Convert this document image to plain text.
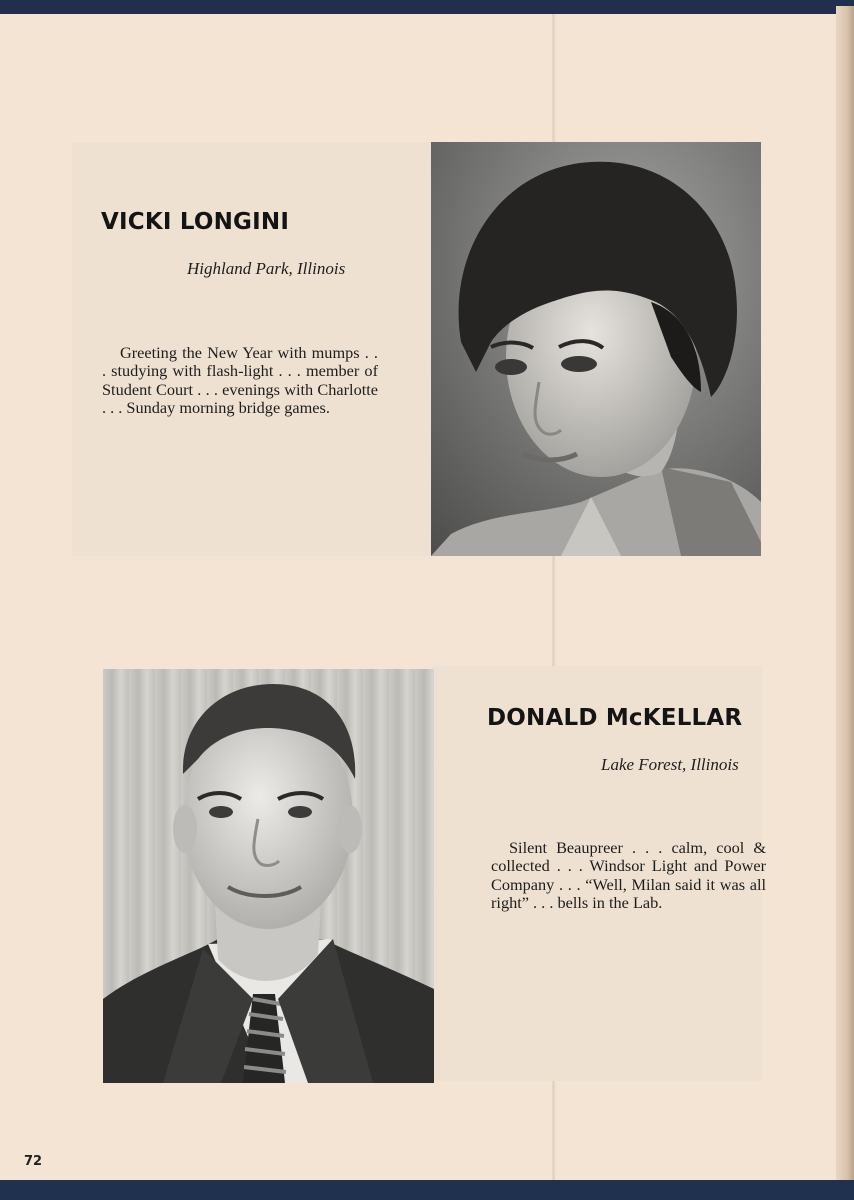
VICKI LONGINI
Highland Park, Illinois
Greeting the New Year with mumps . . . studying with flash-light . . . member of Student Court . . . evenings with Charlotte . . . Sunday morning bridge games.
DONALD McKELLAR
Lake Forest, Illinois
Silent Beaupreer . . . calm, cool & collected . . . Windsor Light and Power Company . . . “Well, Milan said it was all right” . . . bells in the Lab.
72
